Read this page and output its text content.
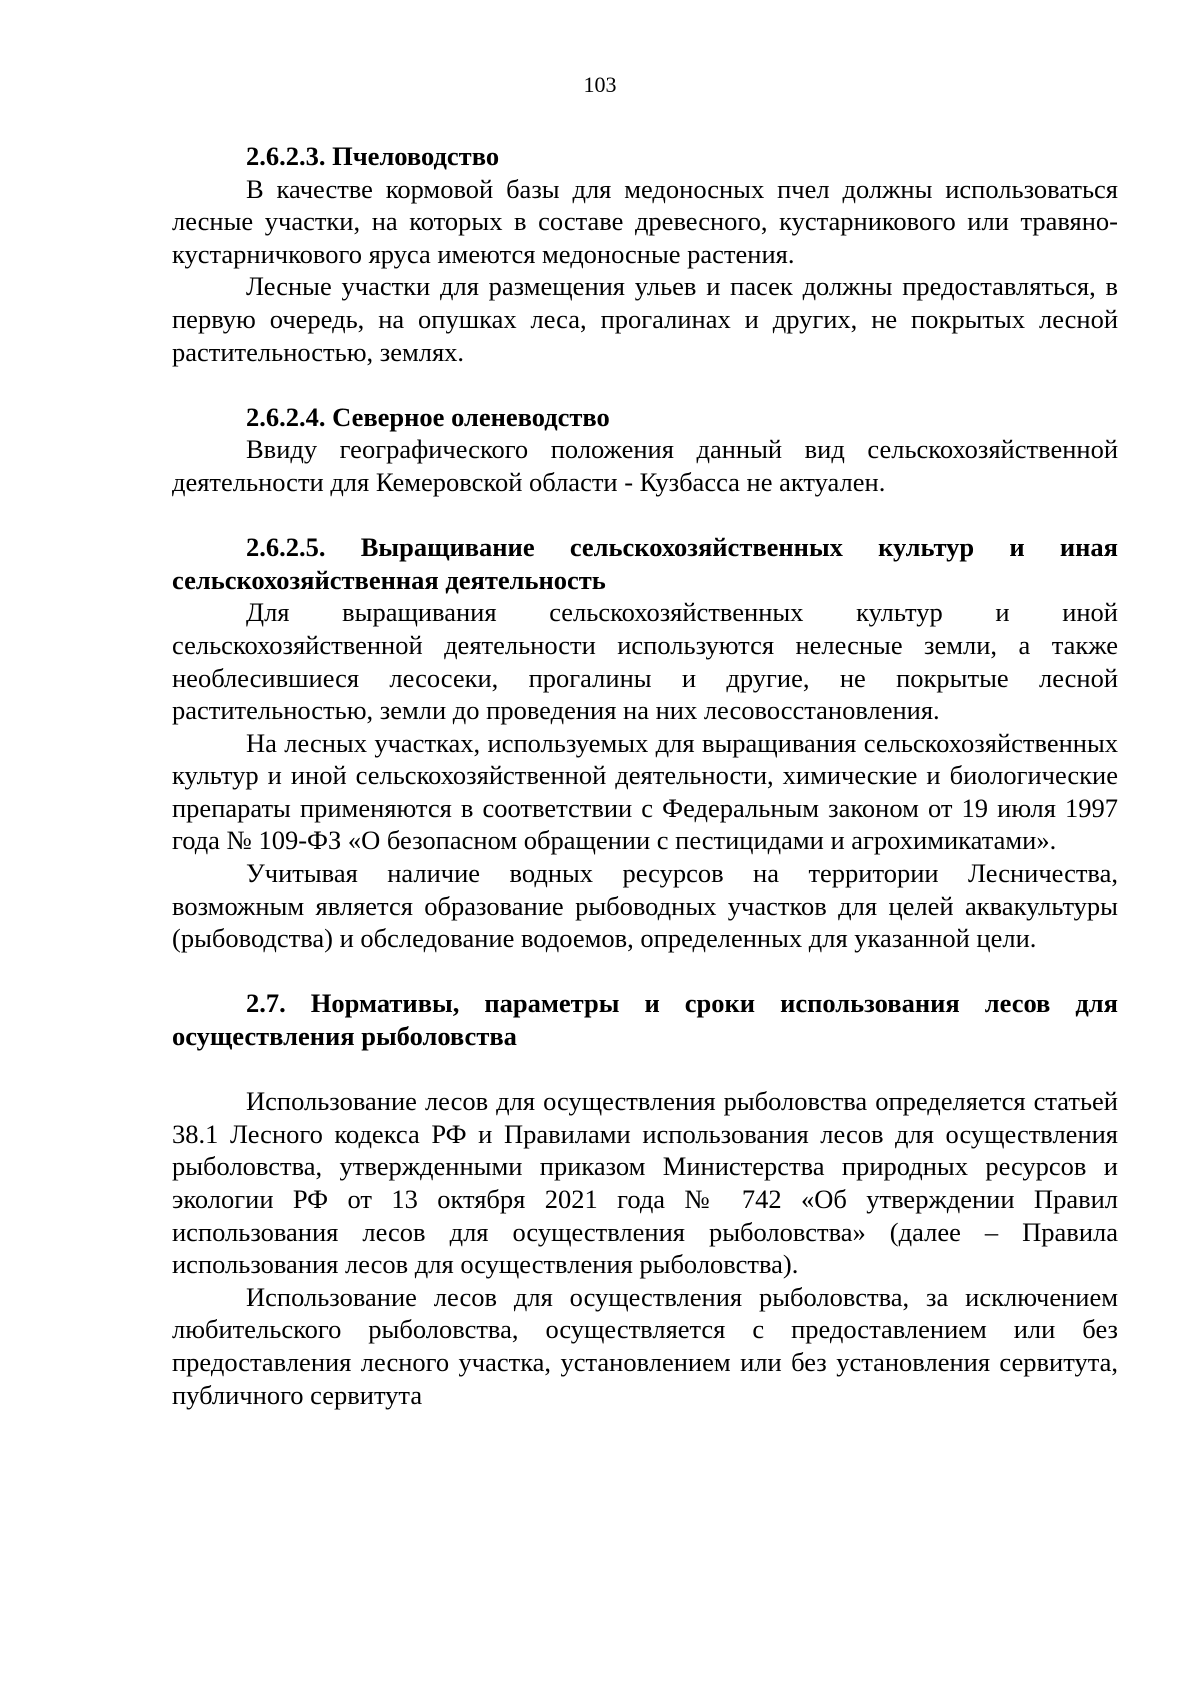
103

2.6.2.3. Пчеловодство

В качестве кормовой базы для медоносных пчел должны использоваться лесные участки, на которых в составе древесного, кустарникового или травяно-кустарничкового яруса имеются медоносные растения.

Лесные участки для размещения ульев и пасек должны предоставляться, в первую очередь, на опушках леса, прогалинах и других, не покрытых лесной растительностью, землях.

2.6.2.4. Северное оленеводство

Ввиду географического положения данный вид сельскохозяйственной деятельности для Кемеровской области - Кузбасса не актуален.

2.6.2.5. Выращивание сельскохозяйственных культур и иная сельскохозяйственная деятельность

Для выращивания сельскохозяйственных культур и иной сельскохозяйственной деятельности используются нелесные земли, а также необлесившиеся лесосеки, прогалины и другие, не покрытые лесной растительностью, земли до проведения на них лесовосстановления.

На лесных участках, используемых для выращивания сельскохозяйственных культур и иной сельскохозяйственной деятельности, химические и биологические препараты применяются в соответствии с Федеральным законом от 19 июля 1997 года № 109-ФЗ «О безопасном обращении с пестицидами и агрохимикатами».

Учитывая наличие водных ресурсов на территории Лесничества, возможным является образование рыбоводных участков для целей аквакультуры (рыбоводства) и обследование водоемов, определенных для указанной цели.

2.7. Нормативы, параметры и сроки использования лесов для осуществления рыболовства

Использование лесов для осуществления рыболовства определяется статьей 38.1 Лесного кодекса РФ и Правилами использования лесов для осуществления рыболовства, утвержденными приказом Министерства природных ресурсов и экологии РФ от 13 октября 2021 года № 742 «Об утверждении Правил использования лесов для осуществления рыболовства» (далее – Правила использования лесов для осуществления рыболовства).

Использование лесов для осуществления рыболовства, за исключением любительского рыболовства, осуществляется с предоставлением или без предоставления лесного участка, установлением или без установления сервитута, публичного сервитута
